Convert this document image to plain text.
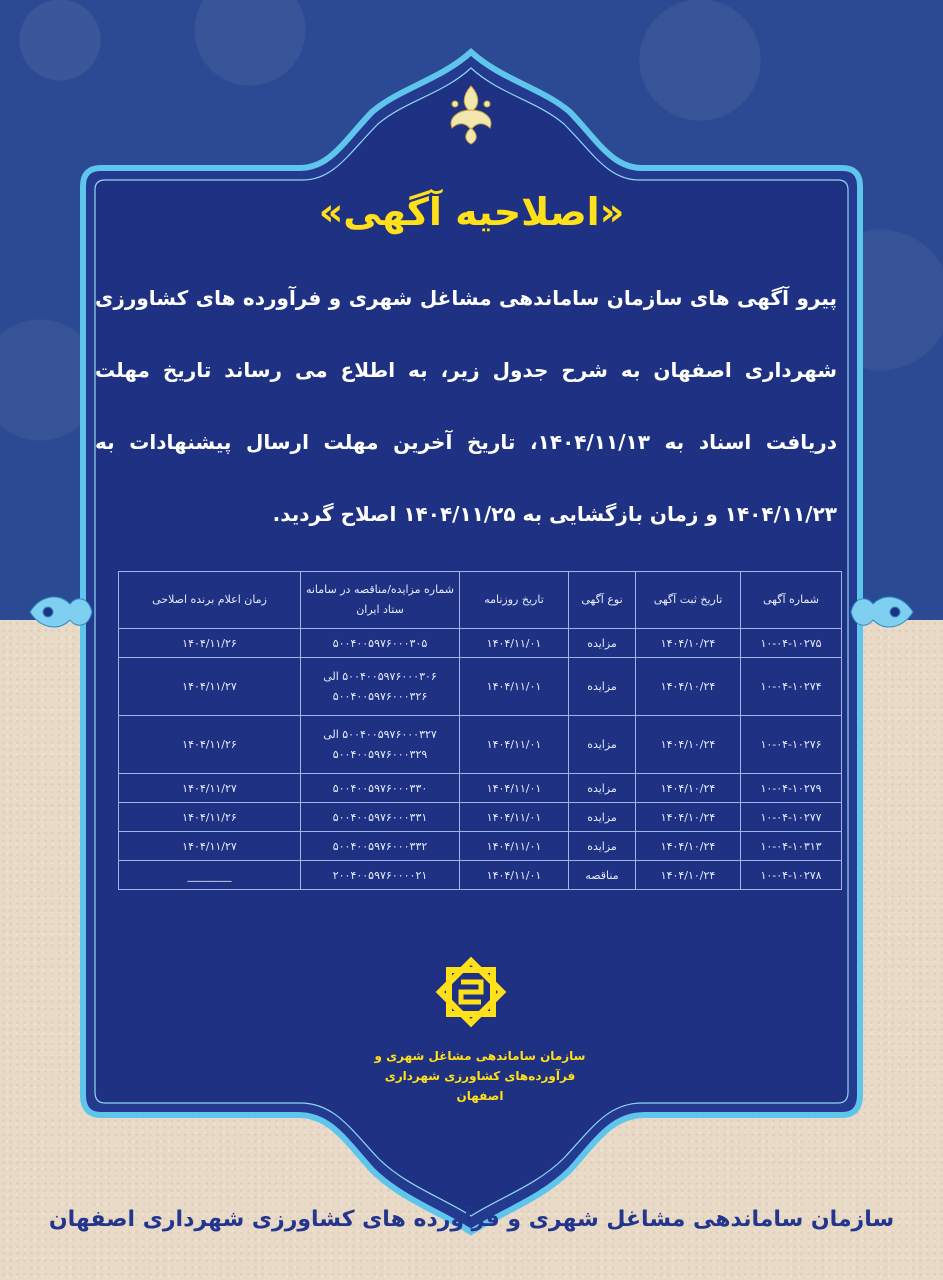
«اصلاحیه آگهی»
پیرو آگهی های سازمان ساماندهی مشاغل شهری و فرآورده های کشاورزی شهرداری اصفهان به شرح جدول زیر، به اطلاع می رساند تاریخ مهلت دریافت اسناد به ۱۴۰۴/۱۱/۱۳، تاریخ آخرین مهلت ارسال پیشنهادات به ۱۴۰۴/۱۱/۲۳ و زمان بازگشایی به ۱۴۰۴/۱۱/۲۵ اصلاح گردید.
شماره آگهی	تاریخ ثبت آگهی	نوع آگهی	تاریخ روزنامه	شماره مزایده/مناقصه در سامانه ستاد ایران	زمان اعلام برنده اصلاحی
۱۰-۰۴-۱۰۲۷۵	۱۴۰۴/۱۰/۲۴	مزایده	۱۴۰۴/۱۱/۰۱	۵۰۰۴۰۰۵۹۷۶۰۰۰۳۰۵	۱۴۰۴/۱۱/۲۶
۱۰-۰۴-۱۰۲۷۴	۱۴۰۴/۱۰/۲۴	مزایده	۱۴۰۴/۱۱/۰۱	۵۰۰۴۰۰۵۹۷۶۰۰۰۳۰۶ الی ۵۰۰۴۰۰۵۹۷۶۰۰۰۳۲۶	۱۴۰۴/۱۱/۲۷
۱۰-۰۴-۱۰۲۷۶	۱۴۰۴/۱۰/۲۴	مزایده	۱۴۰۴/۱۱/۰۱	۵۰۰۴۰۰۵۹۷۶۰۰۰۳۲۷ الی ۵۰۰۴۰۰۵۹۷۶۰۰۰۳۲۹	۱۴۰۴/۱۱/۲۶
۱۰-۰۴-۱۰۲۷۹	۱۴۰۴/۱۰/۲۴	مزایده	۱۴۰۴/۱۱/۰۱	۵۰۰۴۰۰۵۹۷۶۰۰۰۳۳۰	۱۴۰۴/۱۱/۲۷
۱۰-۰۴-۱۰۲۷۷	۱۴۰۴/۱۰/۲۴	مزایده	۱۴۰۴/۱۱/۰۱	۵۰۰۴۰۰۵۹۷۶۰۰۰۳۳۱	۱۴۰۴/۱۱/۲۶
۱۰-۰۴-۱۰۳۱۳	۱۴۰۴/۱۰/۲۴	مزایده	۱۴۰۴/۱۱/۰۱	۵۰۰۴۰۰۵۹۷۶۰۰۰۳۳۲	۱۴۰۴/۱۱/۲۷
۱۰-۰۴-۱۰۲۷۸	۱۴۰۴/۱۰/۲۴	مناقصه	۱۴۰۴/۱۱/۰۱	۲۰۰۴۰۰۵۹۷۶۰۰۰۰۲۱	________
سازمان ساماندهی مشاغل شهری و
فرآورده‌های کشاورزی شهرداری اصفهان
سازمان ساماندهی مشاغل شهری و فرآورده های کشاورزی شهرداری اصفهان
